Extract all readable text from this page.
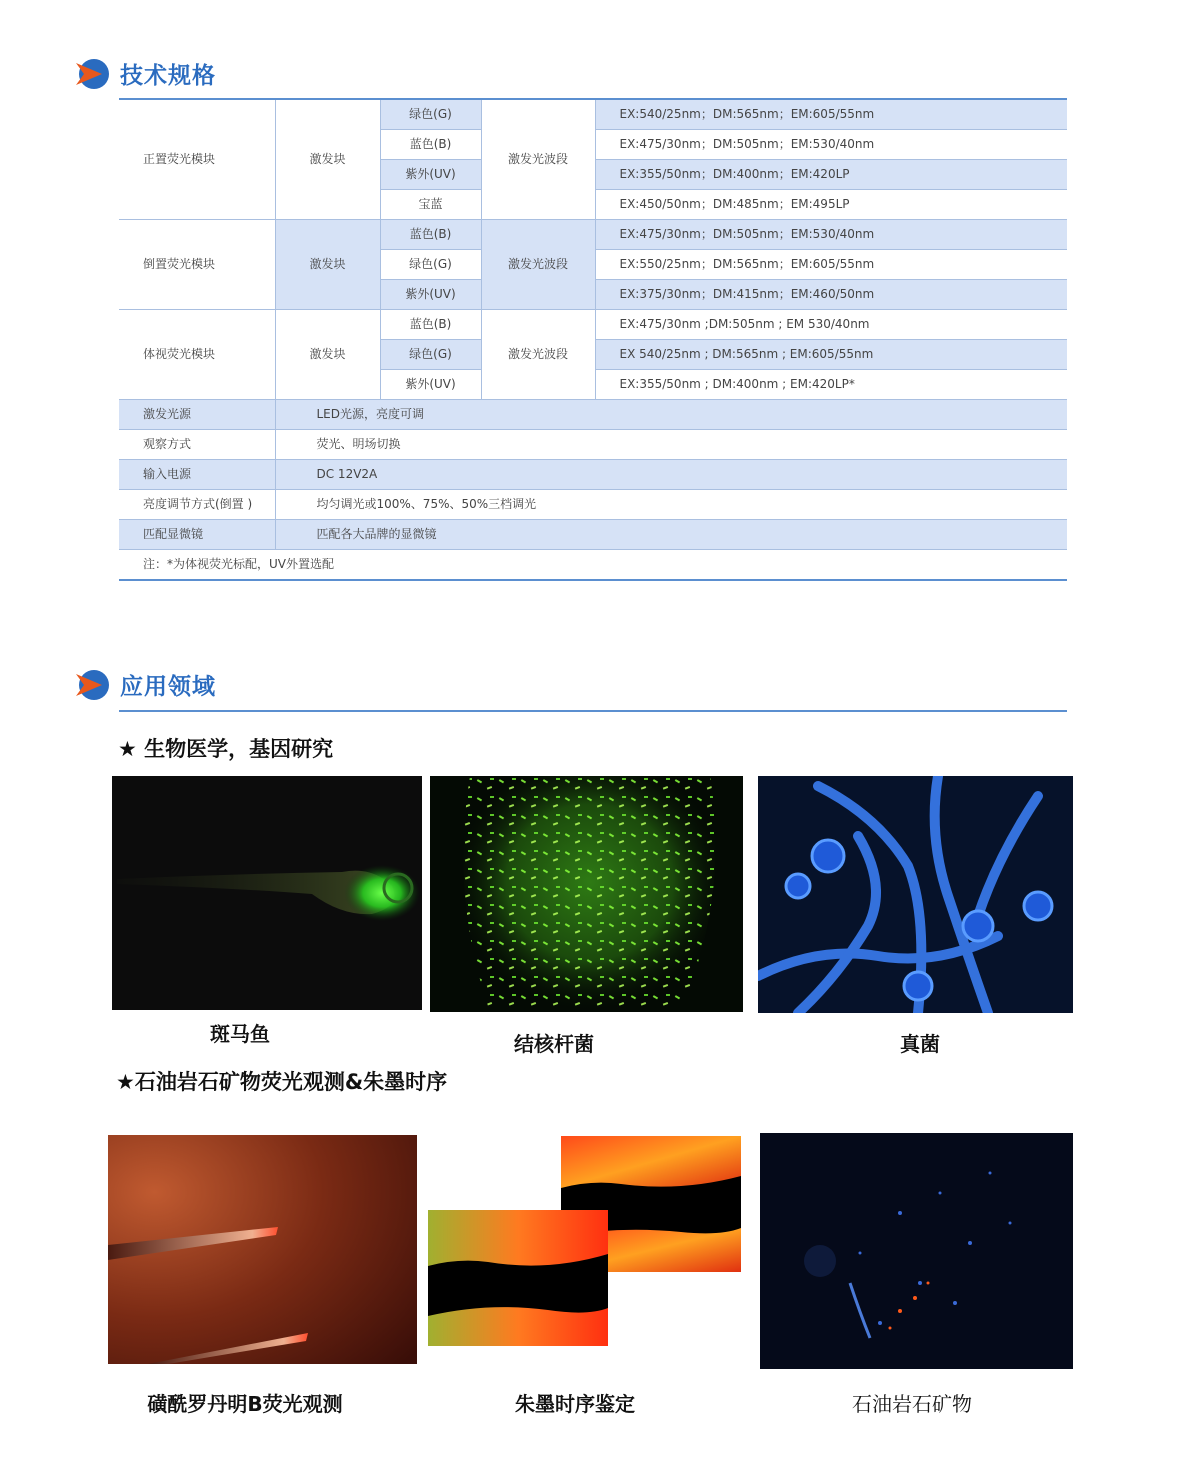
技术规格
正置荧光模块	激发块	绿色(G)	激发光波段	EX:540/25nm；DM:565nm；EM:605/55nm
		蓝色(B)		EX:475/30nm；DM:505nm；EM:530/40nm
		紫外(UV)		EX:355/50nm；DM:400nm；EM:420LP
		宝蓝		EX:450/50nm；DM:485nm；EM:495LP
倒置荧光模块	激发块	蓝色(B)	激发光波段	EX:475/30nm；DM:505nm；EM:530/40nm
		绿色(G)		EX:550/25nm；DM:565nm；EM:605/55nm
		紫外(UV)		EX:375/30nm；DM:415nm；EM:460/50nm
体视荧光模块	激发块	蓝色(B)	激发光波段	EX:475/30nm ;DM:505nm ; EM 530/40nm
		绿色(G)		EX 540/25nm ; DM:565nm ; EM:605/55nm
		紫外(UV)		EX:355/50nm ; DM:400nm ; EM:420LP*
激发光源	LED光源，亮度可调			
观察方式	荧光、明场切换			
输入电源	DC 12V2A			
亮度调节方式(倒置 )	均匀调光或100%、75%、50%三档调光			
匹配显微镜	匹配各大品牌的显微镜			
注：*为体视荧光标配，UV外置选配				
应用领域
★ 生物医学，基因研究
斑马鱼	结核杆菌	真菌
★石油岩石矿物荧光观测&朱墨时序
磺酰罗丹明B荧光观测	朱墨时序鉴定	石油岩石矿物
